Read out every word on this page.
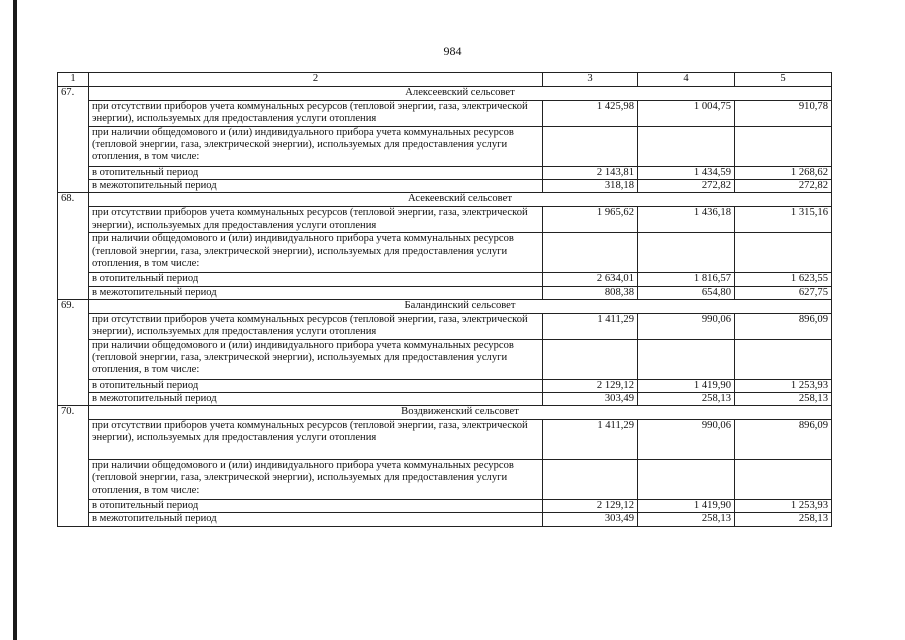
984
1	2	3	4	5
67.	Алексеевский сельсовет			
	при отсутствии приборов учета коммунальных ресурсов (тепловой энергии, газа, электрической энергии), используемых для предоставления услуги отопления	1 425,98	1 004,75	910,78
	при наличии общедомового и (или) индивидуального прибора учета коммунальных ресурсов (тепловой энергии, газа, электрической энергии), используемых для предоставления услуги отопления, в том числе:			
	в отопительный период	2 143,81	1 434,59	1 268,62
	в межотопительный период	318,18	272,82	272,82
68.	Асекеевский сельсовет			
	при отсутствии приборов учета коммунальных ресурсов (тепловой энергии, газа, электрической энергии), используемых для предоставления услуги отопления	1 965,62	1 436,18	1 315,16
	при наличии общедомового и (или) индивидуального прибора учета коммунальных ресурсов (тепловой энергии, газа, электрической энергии), используемых для предоставления услуги отопления, в том числе:			
	в отопительный период	2 634,01	1 816,57	1 623,55
	в межотопительный период	808,38	654,80	627,75
69.	Баландинский сельсовет			
	при отсутствии приборов учета коммунальных ресурсов (тепловой энергии, газа, электрической энергии), используемых для предоставления услуги отопления	1 411,29	990,06	896,09
	при наличии общедомового и (или) индивидуального прибора учета коммунальных ресурсов (тепловой энергии, газа, электрической энергии), используемых для предоставления услуги отопления, в том числе:			
	в отопительный период	2 129,12	1 419,90	1 253,93
	в межотопительный период	303,49	258,13	258,13
70.	Воздвиженский сельсовет			
	при отсутствии приборов учета коммунальных ресурсов (тепловой энергии, газа, электрической энергии), используемых для предоставления услуги отопления	1 411,29	990,06	896,09
	при наличии общедомового и (или) индивидуального прибора учета коммунальных ресурсов (тепловой энергии, газа, электрической энергии), используемых для предоставления услуги отопления, в том числе:			
	в отопительный период	2 129,12	1 419,90	1 253,93
	в межотопительный период	303,49	258,13	258,13
